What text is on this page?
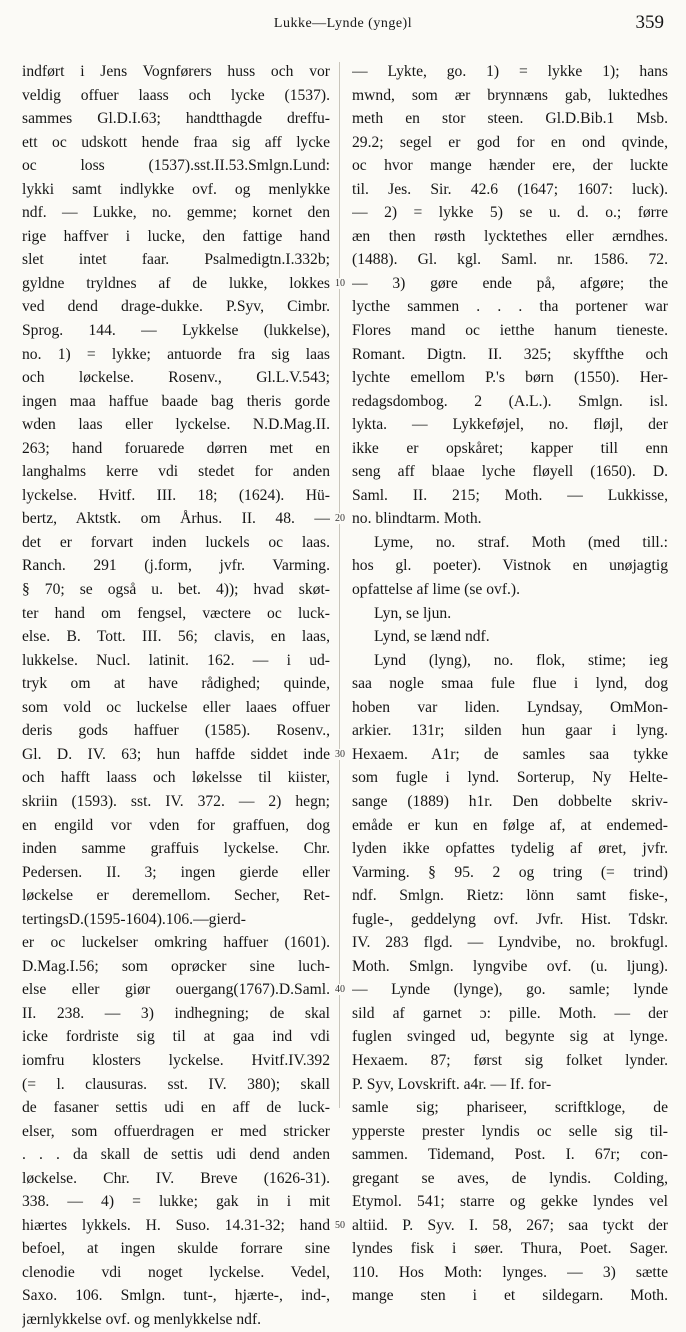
Lukke—Lynde (ynge)l	359
indført i Jens Vognførers huss och vor
veldig offuer laass och lycke (1537).
sammes Gl.D.I.63; handtthagde dreffu-
ett oc udskott hende fraa sig aff lycke
oc loss (1537).sst.II.53.Smlgn.Lund:
lykki samt indlykke ovf. og menlykke
ndf. — Lukke, no. gemme; kornet den
rige haffver i lucke, den fattige hand
slet intet faar. Psalmedigtn.I.332b;
gyldne tryldnes af de lukke, lokkes
ved dend drage-dukke. P.Syv, Cimbr.
Sprog. 144. — Lykkelse (lukkelse),
no. 1) = lykke; antuorde fra sig laas
och løckelse. Rosenv., Gl.L.V.543;
ingen maa haffue baade bag theris gorde
wden laas eller lyckelse. N.D.Mag.II.
263; hand foruarede dørren met en
langhalms kerre vdi stedet for anden
lyckelse. Hvitf. III. 18; (1624). Hü-
bertz, Aktstk. om Århus. II. 48. —
det er forvart inden luckels oc laas.
Ranch. 291 (j.form, jvfr. Varming.
§ 70; se også u. bet. 4)); hvad skøt-
ter hand om fengsel, væctere oc luck-
else. B. Tott. III. 56; clavis, en laas,
lukkelse. Nucl. latinit. 162. — i ud-
tryk om at have rådighed; quinde,
som vold oc luckelse eller laaes offuer
deris gods haffuer (1585). Rosenv.,
Gl. D. IV. 63; hun haffde siddet inde
och hafft laass och løkelsse til kiister,
skriin (1593). sst. IV. 372. — 2) hegn;
en engild vor vden for graffuen, dog
inden samme graffuis lyckelse. Chr.
Pedersen. II. 3; ingen gierde eller
løckelse er deremellom. Secher, Ret-
tertingsD.(1595-1604).106.—gierd-
er oc luckelser omkring haffuer (1601).
D.Mag.I.56; som oprøcker sine luch-
else eller giør ouergang(1767).D.Saml.
II. 238. — 3) indhegning; de skal
icke fordriste sig til at gaa ind vdi
iomfru klosters lyckelse. Hvitf.IV.392
(= l. clausuras. sst. IV. 380); skall
de fasaner settis udi en aff de luck-
elser, som offuerdragen er med stricker
. . . da skall de settis udi dend anden
løckelse. Chr. IV. Breve (1626-31).
338. — 4) = lukke; gak in i mit
hiærtes lykkels. H. Suso. 14.31-32; hand
befoel, at ingen skulde forrare sine
clenodie vdi noget lyckelse. Vedel,
Saxo. 106. Smlgn. tunt-, hjærte-, ind-,
jærnlykkelse ovf. og menlykkelse ndf.
— Lykte, go. 1) = lykke 1); hans
mwnd, som ær brynnæns gab, luktedhes
meth en stor steen. Gl.D.Bib.1 Msb.
29.2; segel er god for en ond qvinde,
oc hvor mange hænder ere, der luckte
til. Jes. Sir. 42.6 (1647; 1607: luck).
— 2) = lykke 5) se u. d. o.; førre
æn then røsth lycktethes eller ærndhes.
(1488). Gl. kgl. Saml. nr. 1586. 72.
— 3) gøre ende på, afgøre; the
lycthe sammen . . . tha portener war
Flores mand oc ietthe hanum tieneste.
Romant. Digtn. II. 325; skyffthe och
lychte emellom P.'s børn (1550). Her-
redagsdombog. 2 (A.L.). Smlgn. isl.
lykta. — Lykkeføjel, no. fløjl, der
ikke er opskåret; kapper till enn
seng aff blaae lyche fløyell (1650). D.
Saml. II. 215; Moth. — Lukkisse,
no. blindtarm. Moth.
Lyme, no. straf. Moth (med till.:
hos gl. poeter). Vistnok en unøjagtig
opfattelse af lime (se ovf.).
Lyn, se ljun.
Lynd, se lænd ndf.
Lynd (lyng), no. flok, stime; ieg
saa nogle smaa fule flue i lynd, dog
hoben var liden. Lyndsay, OmMon-
arkier. 131r; silden hun gaar i lyng.
Hexaem. A1r; de samles saa tykke
som fugle i lynd. Sorterup, Ny Helte-
sange (1889) h1r. Den dobbelte skriv-
emåde er kun en følge af, at endemed-
lyden ikke opfattes tydelig af øret, jvfr.
Varming. § 95. 2 og tring (= trind)
ndf. Smlgn. Rietz: lönn samt fiske-,
fugle-, geddelyng ovf. Jvfr. Hist. Tdskr.
IV. 283 flgd. — Lyndvibe, no. brokfugl.
Moth. Smlgn. lyngvibe ovf. (u. ljung).
— Lynde (lynge), go. samle; lynde
sild af garnet ɔ: pille. Moth. — der
fuglen svinged ud, begynte sig at lynge.
Hexaem. 87; først sig folket lynder.
P. Syv, Lovskrift. a4r. — If. for-
samle sig; phariseer, scriftkloge, de
ypperste prester lyndis oc selle sig til-
sammen. Tidemand, Post. I. 67r; con-
gregant se aves, de lyndis. Colding,
Etymol. 541; starre og gekke lyndes vel
altiid. P. Syv. I. 58, 267; saa tyckt der
lyndes fisk i søer. Thura, Poet. Sager.
110. Hos Moth: lynges. — 3) sætte
mange sten i et sildegarn. Moth.
10
20
30
40
50
